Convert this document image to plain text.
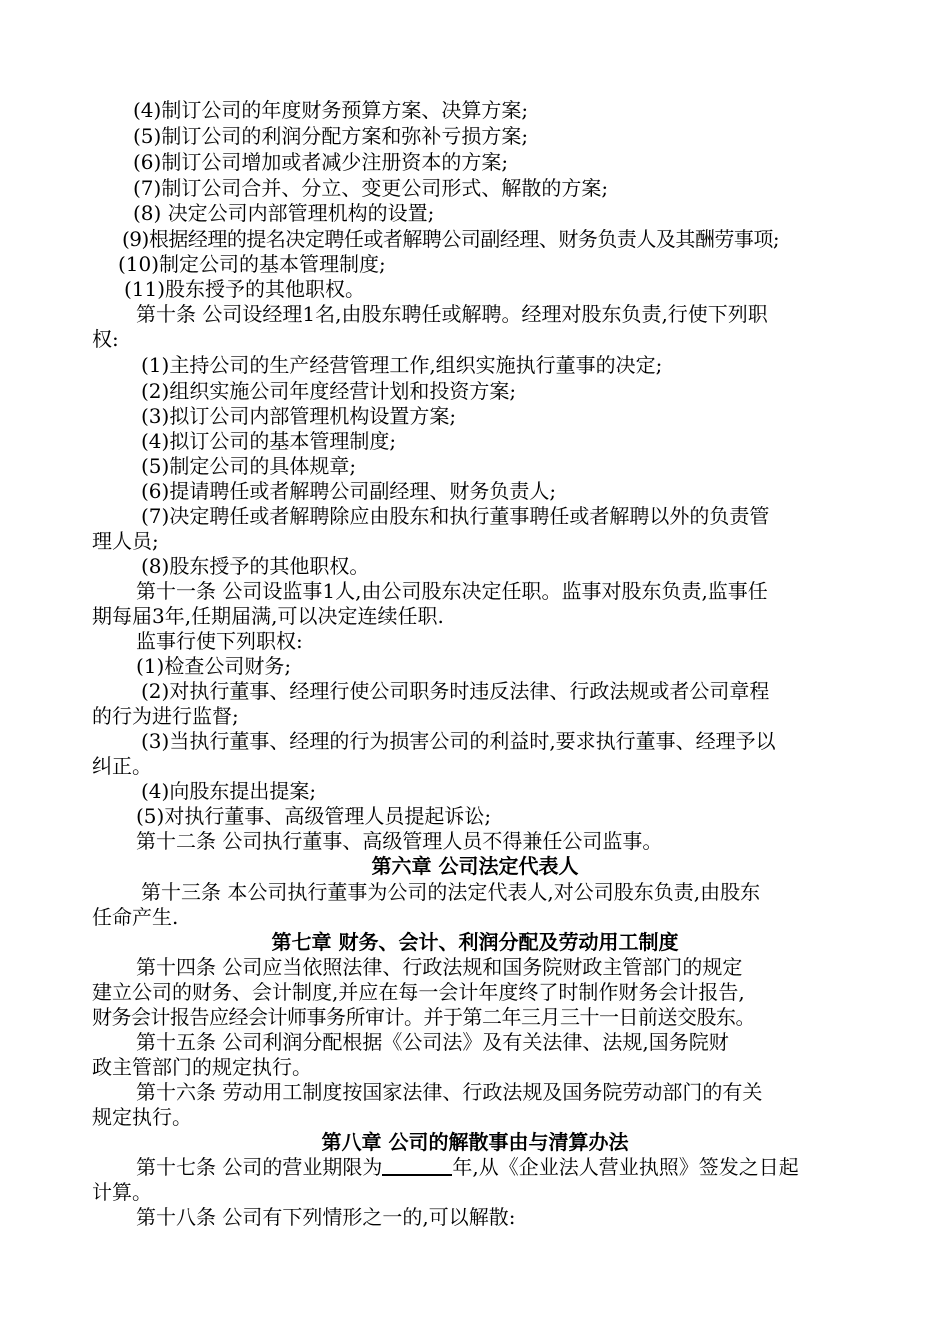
(4)制订公司的年度财务预算方案、决算方案;
(5)制订公司的利润分配方案和弥补亏损方案;
(6)制订公司增加或者减少注册资本的方案;
(7)制订公司合并、分立、变更公司形式、解散的方案;
(8) 决定公司内部管理机构的设置;
(9)根据经理的提名决定聘任或者解聘公司副经理、财务负责人及其酬劳事项;
(10)制定公司的基本管理制度;
(11)股东授予的其他职权。
第十条 公司设经理1名,由股东聘任或解聘。经理对股东负责,行使下列职
权:
(1)主持公司的生产经营管理工作,组织实施执行董事的决定;
(2)组织实施公司年度经营计划和投资方案;
(3)拟订公司内部管理机构设置方案;
(4)拟订公司的基本管理制度;
(5)制定公司的具体规章;
(6)提请聘任或者解聘公司副经理、财务负责人;
(7)决定聘任或者解聘除应由股东和执行董事聘任或者解聘以外的负责管
理人员;
(8)股东授予的其他职权。
第十一条 公司设监事1人,由公司股东决定任职。监事对股东负责,监事任
期每届3年,任期届满,可以决定连续任职.
监事行使下列职权:
(1)检查公司财务;
(2)对执行董事、经理行使公司职务时违反法律、行政法规或者公司章程
的行为进行监督;
(3)当执行董事、经理的行为损害公司的利益时,要求执行董事、经理予以
纠正。
(4)向股东提出提案;
(5)对执行董事、高级管理人员提起诉讼;
第十二条 公司执行董事、高级管理人员不得兼任公司监事。
第六章 公司法定代表人
第十三条 本公司执行董事为公司的法定代表人,对公司股东负责,由股东
任命产生.
第七章 财务、会计、利润分配及劳动用工制度
第十四条 公司应当依照法律、行政法规和国务院财政主管部门的规定
建立公司的财务、会计制度,并应在每一会计年度终了时制作财务会计报告,
财务会计报告应经会计师事务所审计。并于第二年三月三十一日前送交股东。
第十五条 公司利润分配根据《公司法》及有关法律、法规,国务院财
政主管部门的规定执行。
第十六条 劳动用工制度按国家法律、行政法规及国务院劳动部门的有关
规定执行。
第八章 公司的解散事由与清算办法
第十七条 公司的营业期限为	年,从《企业法人营业执照》签发之日起
计算。
第十八条 公司有下列情形之一的,可以解散:
